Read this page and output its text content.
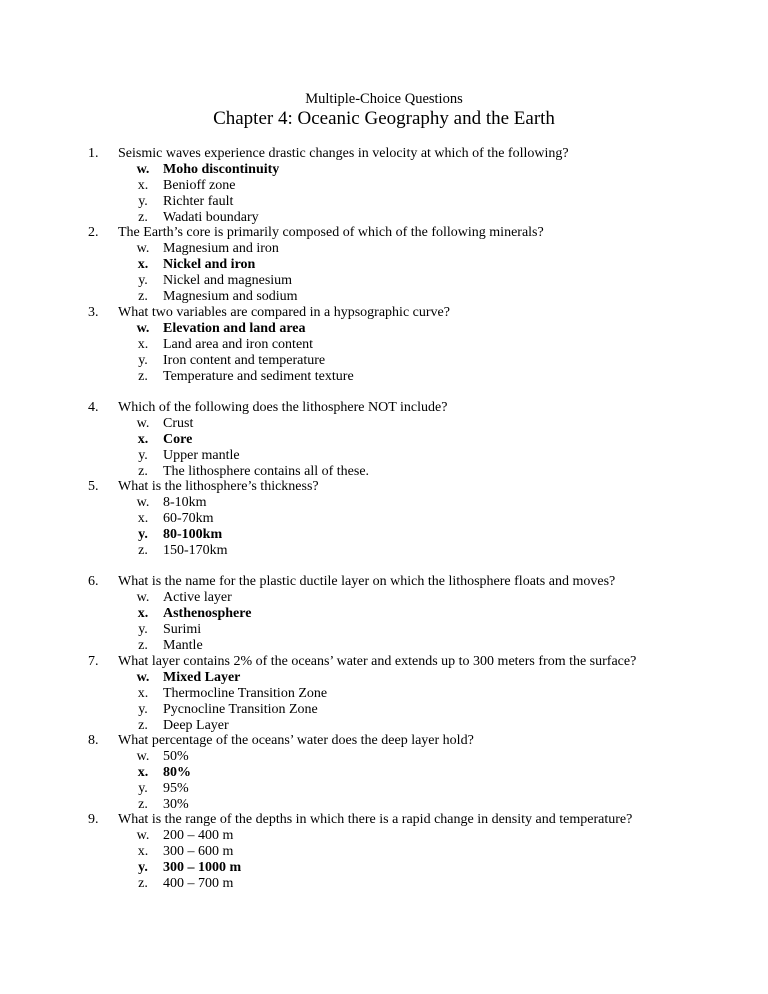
Multiple-Choice Questions
Chapter 4: Oceanic Geography and the Earth
1. Seismic waves experience drastic changes in velocity at which of the following?
w. Moho discontinuity
x. Benioff zone
y.	Richter fault
z. Wadati boundary
2. The Earth’s core is primarily composed of which of the following minerals?
w. Magnesium and iron
x. Nickel and iron
y.	Nickel and magnesium
z. Magnesium and sodium
3. What two variables are compared in a hypsographic curve?
w. Elevation and land area
x. Land area and iron content
y.	Iron content and temperature
z. Temperature and sediment texture
4. Which of the following does the lithosphere NOT include?
w. Crust
x. Core
y.	Upper mantle
z. The lithosphere contains all of these.
5. What is the lithosphere’s thickness?
w. 8-10km
x. 60-70km
y. 80-100km
z. 150-170km
6. What is the name for the plastic ductile layer on which the lithosphere floats and moves?
w. Active layer
x. Asthenosphere
y.	Surimi
z. Mantle
7. What layer contains 2% of the oceans’ water and extends up to 300 meters from the surface?
w. Mixed Layer
x. Thermocline Transition Zone
y.	Pycnocline Transition Zone
z. Deep Layer
8. What percentage of the oceans’ water does the deep layer hold?
w. 50%
x. 80%
y.	95%
z. 30%
9. What is the range of the depths in which there is a rapid change in density and temperature?
w. 200 – 400 m
x. 300 – 600 m
y. 300 – 1000 m
z. 400 – 700 m
